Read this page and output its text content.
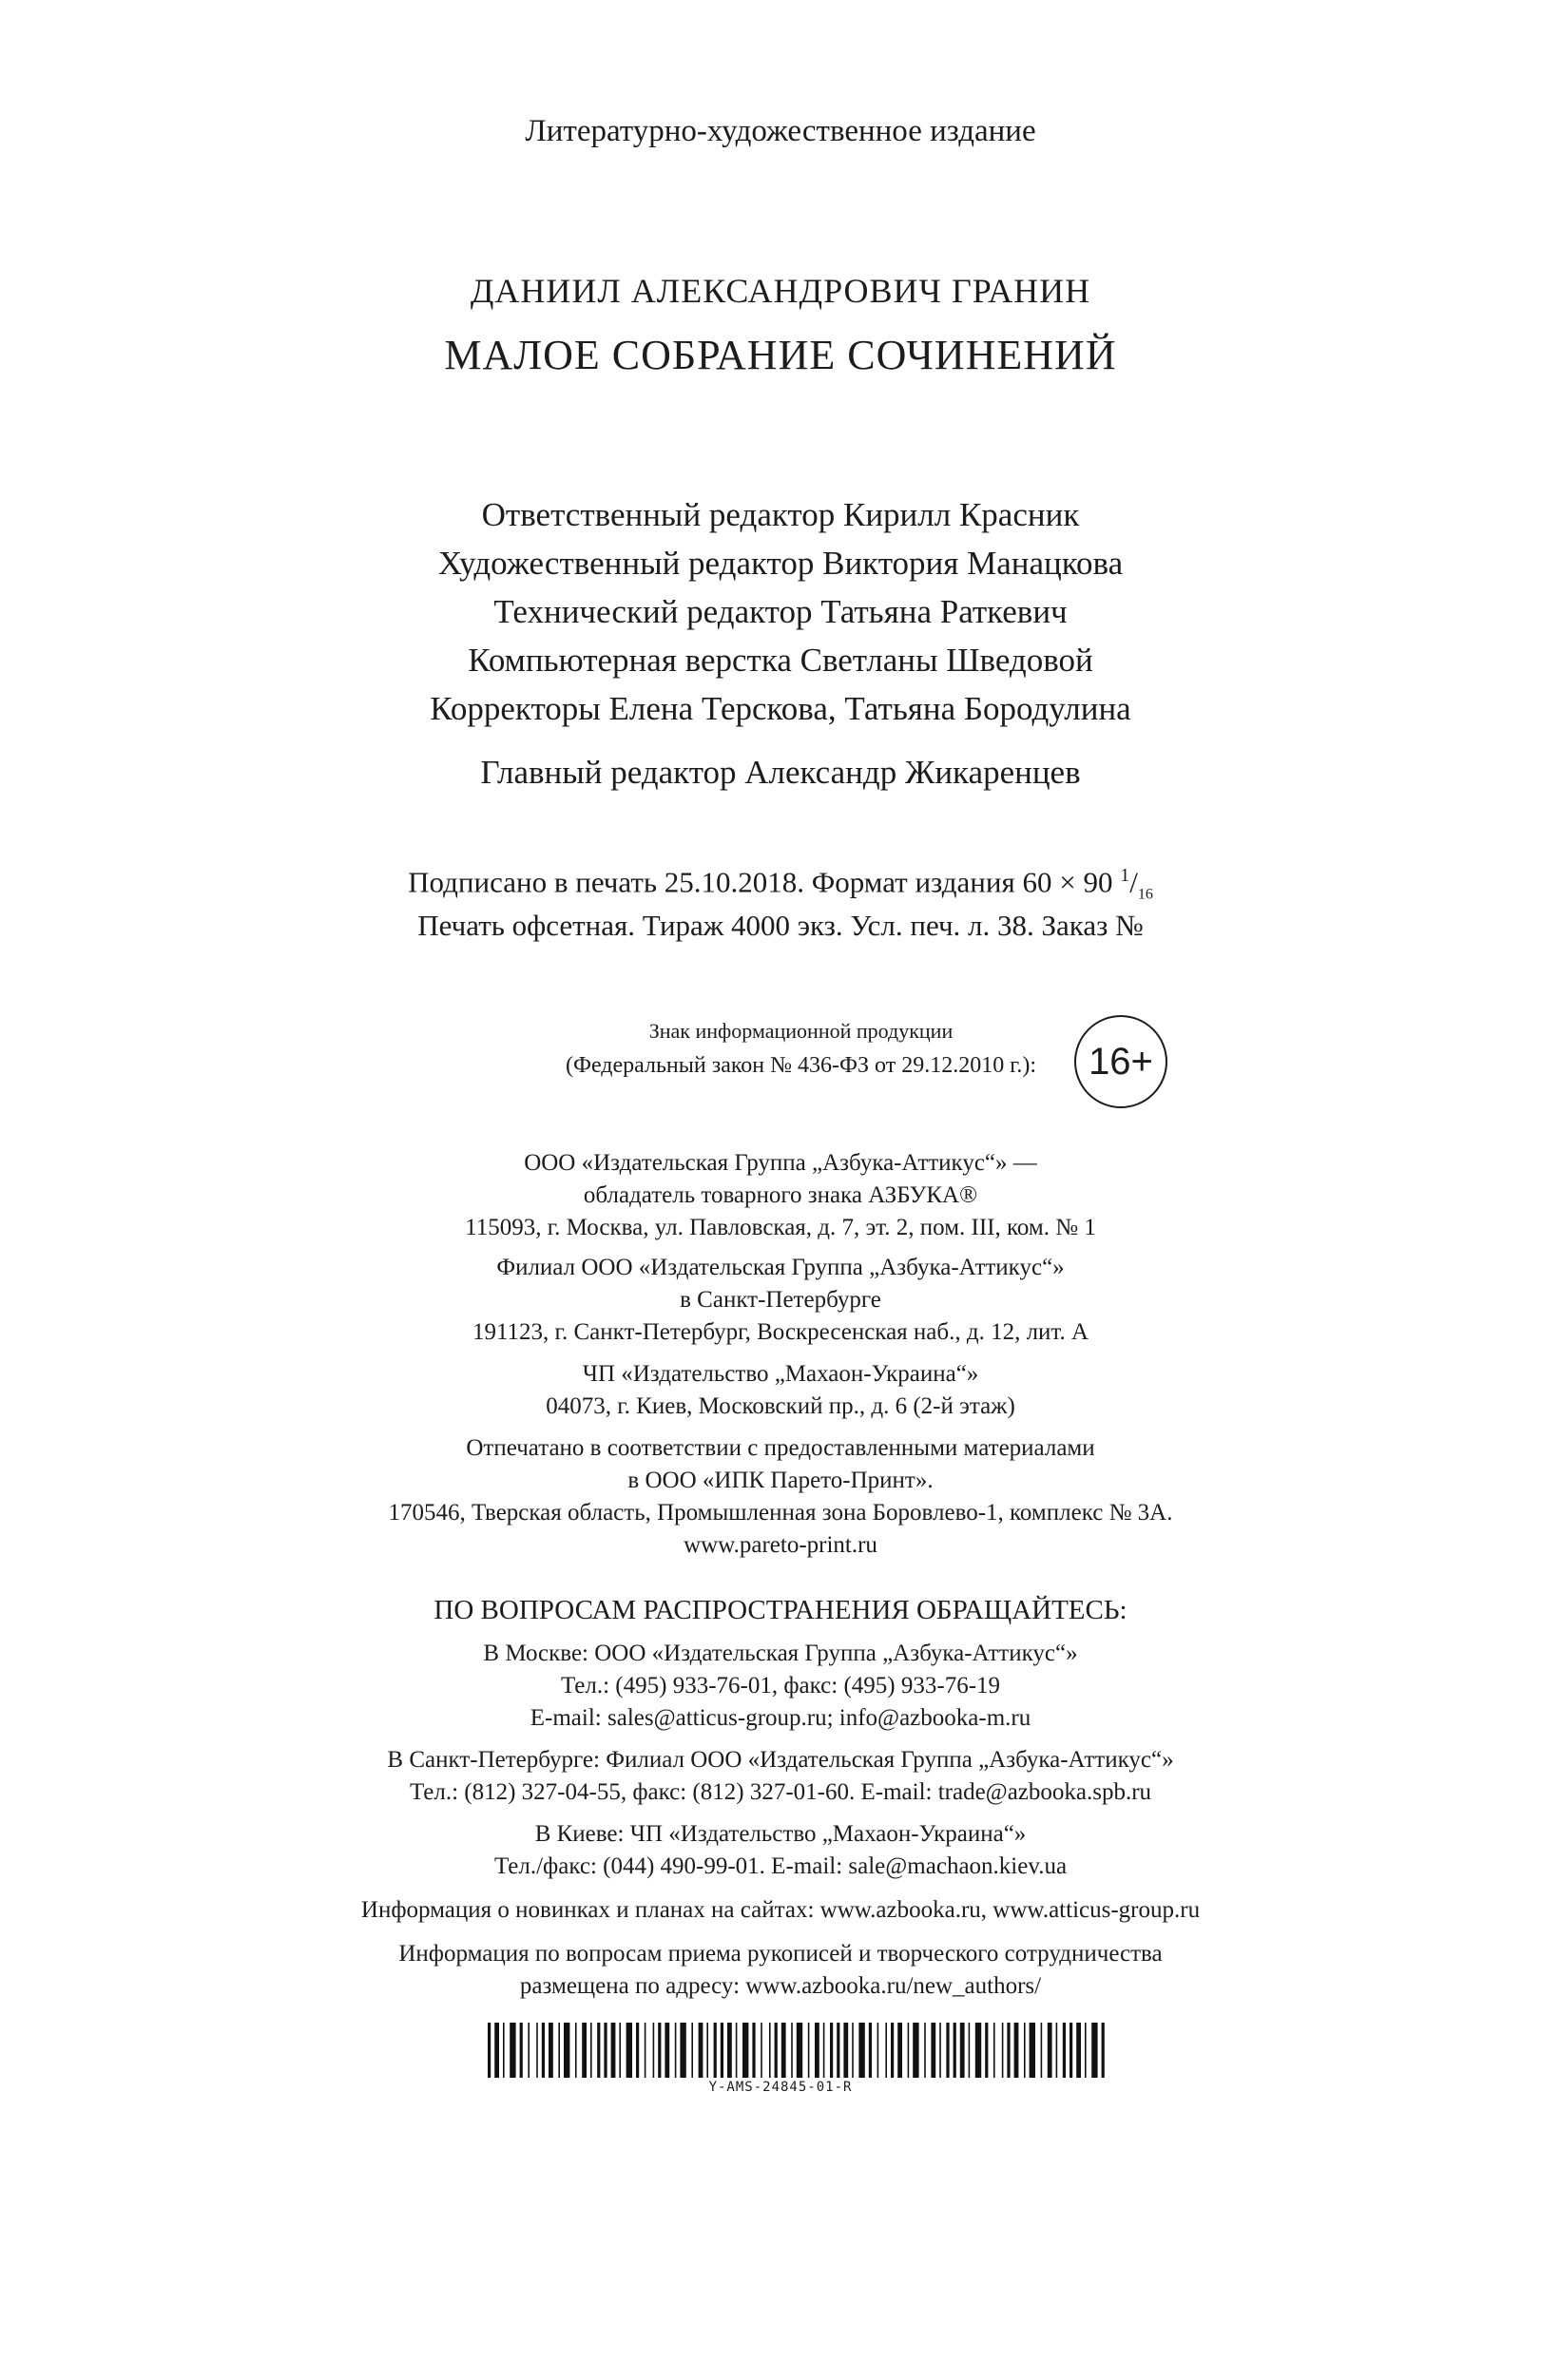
Литературно-художественное издание
ДАНИИЛ АЛЕКСАНДРОВИЧ ГРАНИН
МАЛОЕ СОБРАНИЕ СОЧИНЕНИЙ
Ответственный редактор Кирилл Красник
Художественный редактор Виктория Манацкова
Технический редактор Татьяна Раткевич
Компьютерная верстка Светланы Шведовой
Корректоры Елена Терскова, Татьяна Бородулина
Главный редактор Александр Жикаренцев
Подписано в печать 25.10.2018. Формат издания 60 × 90 $^1/_{16}$
Печать офсетная. Тираж 4000 экз. Усл. печ. л. 38. Заказ №
Знак информационной продукции
(Федеральный закон № 436-ФЗ от 29.12.2010 г.):	16+
ООО «Издательская Группа „Азбука-Аттикус“» —
обладатель товарного знака АЗБУКА®
115093, г. Москва, ул. Павловская, д. 7, эт. 2, пом. III, ком. № 1
Филиал ООО «Издательская Группа „Азбука-Аттикус“»
в Санкт-Петербурге
191123, г. Санкт-Петербург, Воскресенская наб., д. 12, лит. А
ЧП «Издательство „Махаон-Украина“»
04073, г. Киев, Московский пр., д. 6 (2-й этаж)
Отпечатано в соответствии с предоставленными материалами
в ООО «ИПК Парето-Принт».
170546, Тверская область, Промышленная зона Боровлево-1, комплекс № 3А.
www.pareto-print.ru
ПО ВОПРОСАМ РАСПРОСТРАНЕНИЯ ОБРАЩАЙТЕСЬ:
В Москве: ООО «Издательская Группа „Азбука-Аттикус“»
Тел.: (495) 933-76-01, факс: (495) 933-76-19
E-mail: sales@atticus-group.ru; info@azbooka-m.ru
В Санкт-Петербурге: Филиал ООО «Издательская Группа „Азбука-Аттикус“»
Тел.: (812) 327-04-55, факс: (812) 327-01-60. E-mail: trade@azbooka.spb.ru
В Киеве: ЧП «Издательство „Махаон-Украина“»
Тел./факс: (044) 490-99-01. E-mail: sale@machaon.kiev.ua
Информация о новинках и планах на сайтах: www.azbooka.ru, www.atticus-group.ru
Информация по вопросам приема рукописей и творческого сотрудничества
размещена по адресу: www.azbooka.ru/new_authors/
Y-AMS-24845-01-R
